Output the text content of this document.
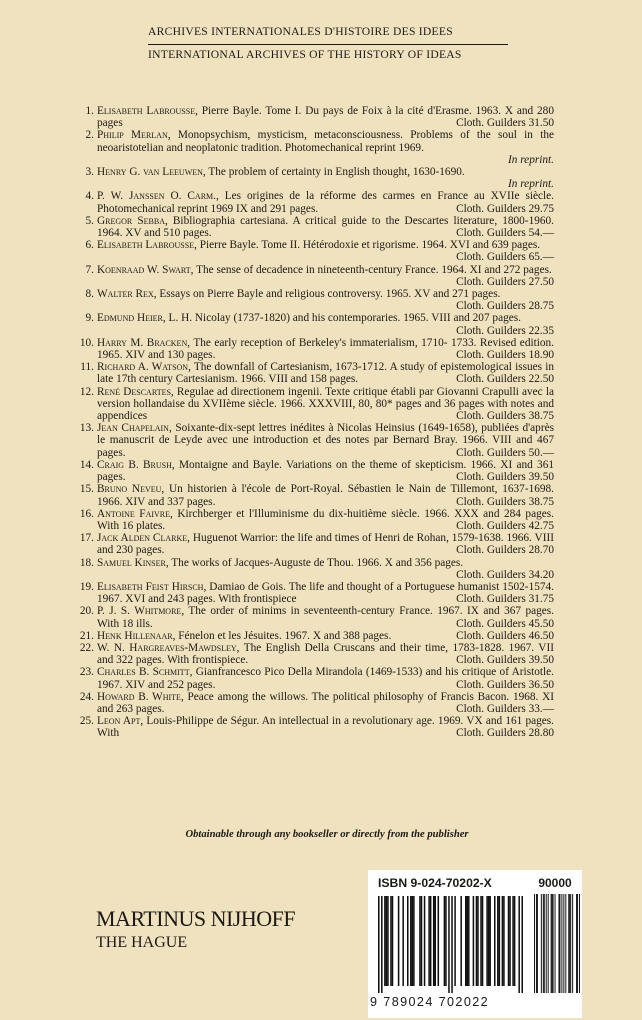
ARCHIVES INTERNATIONALES D'HISTOIRE DES IDEES
INTERNATIONAL ARCHIVES OF THE HISTORY OF IDEAS
1. Elisabeth Labrousse, Pierre Bayle. Tome I. Du pays de Foix à la cité d'Erasme. 1963. X and 280 pages	Cloth. Guilders 31.50
2. Philip Merlan, Monopsychism, mysticism, metaconsciousness. Problems of the soul in the neoaristotelian and neoplatonic tradition. Photomechanical reprint 1969.
In reprint.
3. Henry G. van Leeuwen, The problem of certainty in English thought, 1630-1690.
In reprint.
4. P. W. Janssen O. Carm., Les origines de la réforme des carmes en France au XVIIe siècle. Photomechanical reprint 1969 IX and 291 pages.	Cloth. Guilders 29.75
5. Gregor Sebba, Bibliographia cartesiana. A critical guide to the Descartes literature, 1800-1960. 1964. XV and 510 pages.	Cloth. Guilders 54.—
6. Elisabeth Labrousse, Pierre Bayle. Tome II. Hétérodoxie et rigorisme. 1964. XVI and 639 pages.
Cloth. Guilders 65.—
7. Koenraad W. Swart, The sense of decadence in nineteenth-century France. 1964. XI and 272 pages.
Cloth. Guilders 27.50
8. Walter Rex, Essays on Pierre Bayle and religious controversy. 1965. XV and 271 pages.
Cloth. Guilders 28.75
9. Edmund Heier, L. H. Nicolay (1737-1820) and his contemporaries. 1965. VIII and 207 pages.
Cloth. Guilders 22.35
10. Harry M. Bracken, The early reception of Berkeley's immaterialism, 1710- 1733. Revised edition. 1965. XIV and 130 pages.	Cloth. Guilders 18.90
11. Richard A. Watson, The downfall of Cartesianism, 1673-1712. A study of epistemological issues in late 17th century Cartesianism. 1966. VIII and 158 pages.	Cloth. Guilders 22.50
12. René Descartes, Regulae ad directionem ingenii. Texte critique établi par Giovanni Crapulli avec la version hollandaise du XVIIème siècle. 1966. XXXVIII, 80, 80* pages and 36 pages with notes and appendices	Cloth. Guilders 38.75
13. Jean Chapelain, Soixante-dix-sept lettres inédites à Nicolas Heinsius (1649-1658), publiées d'après le manuscrit de Leyde avec une introduction et des notes par Bernard Bray. 1966. VIII and 467 pages.	Cloth. Guilders 50.—
14. Craig B. Brush, Montaigne and Bayle. Variations on the theme of skepticism. 1966. XI and 361 pages.	Cloth. Guilders 39.50
15. Bruno Neveu, Un historien à l'école de Port-Royal. Sébastien le Nain de Tillemont, 1637-1698. 1966. XIV and 337 pages.	Cloth. Guilders 38.75
16. Antoine Faivre, Kirchberger et l'Illuminisme du dix-huitième siècle. 1966. XXX and 284 pages. With 16 plates.	Cloth. Guilders 42.75
17. Jack Alden Clarke, Huguenot Warrior: the life and times of Henri de Rohan, 1579-1638. 1966. VIII and 230 pages.	Cloth. Guilders 28.70
18. Samuel Kinser, The works of Jacques-Auguste de Thou. 1966. X and 356 pages.
Cloth. Guilders 34.20
19. Elisabeth Feist Hirsch, Damiao de Gois. The life and thought of a Portuguese humanist 1502-1574. 1967. XVI and 243 pages. With frontispiece	Cloth. Guilders 31.75
20. P. J. S. Whitmore, The order of minims in seventeenth-century France. 1967. IX and 367 pages. With 18 ills.	Cloth. Guilders 45.50
21. Henk Hillenaar, Fénelon et les Jésuites. 1967. X and 388 pages.	Cloth. Guilders 46.50
22. W. N. Hargreaves-Mawdsley, The English Della Cruscans and their time, 1783-1828. 1967. VII and 322 pages. With frontispiece.	Cloth. Guilders 39.50
23. Charles B. Schmitt, Gianfrancesco Pico Della Mirandola (1469-1533) and his critique of Aristotle. 1967. XIV and 252 pages.	Cloth. Guilders 36.50
24. Howard B. White, Peace among the willows. The political philosophy of Francis Bacon. 1968. XI and 263 pages.	Cloth. Guilders 33.—
25. Leon Apt, Louis-Philippe de Ségur. An intellectual in a revolutionary age. 1969. VX and 161 pages. With	Cloth. Guilders 28.80
Obtainable through any bookseller or directly from the publisher
MARTINUS NIJHOFF
THE HAGUE
ISBN 9-024-70202-X
9 789024 702022
90000
